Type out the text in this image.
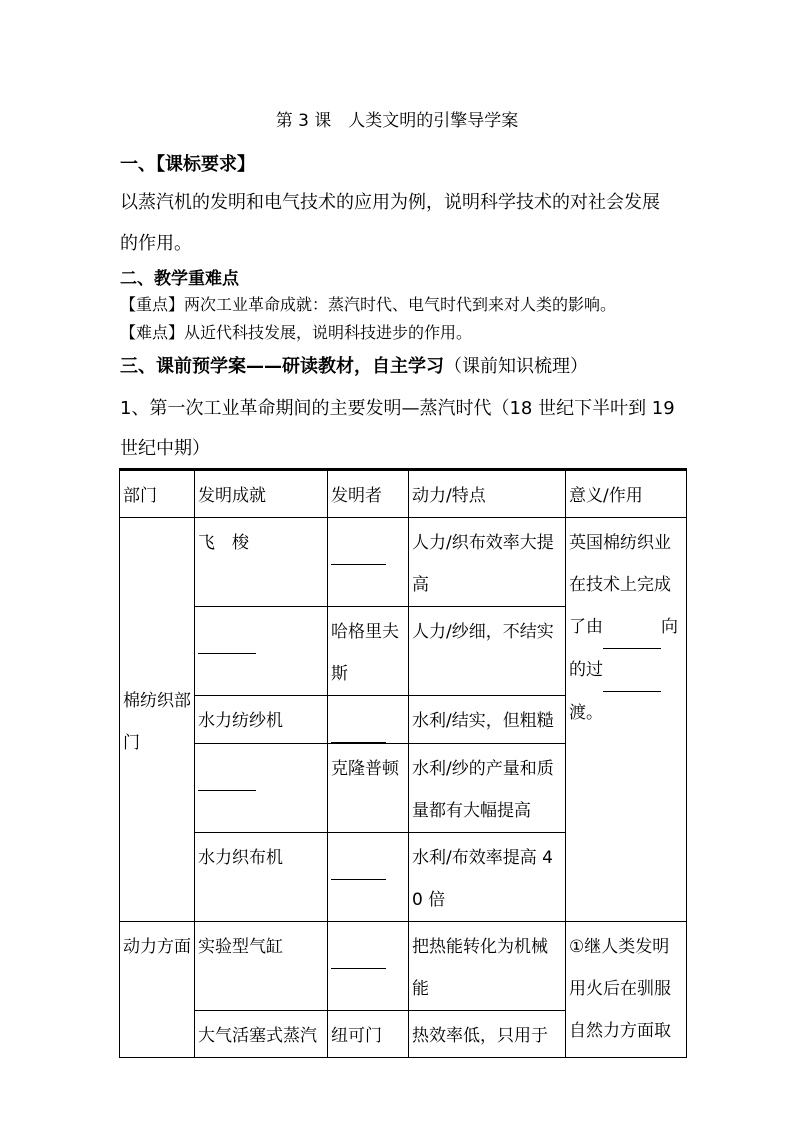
第 3 课　人类文明的引擎导学案
一、【课标要求】
以蒸汽机的发明和电气技术的应用为例，说明科学技术的对社会发展
的作用。
二、教学重难点
【重点】两次工业革命成就：蒸汽时代、电气时代到来对人类的影响。
【难点】从近代科技发展，说明科技进步的作用。
三、课前预学案——研读教材，自主学习（课前知识梳理）
1、第一次工业革命期间的主要发明—蒸汽时代（18 世纪下半叶到 19
世纪中期）
部门	发明成就	发明者	动力/特点	意义/作用
棉纺织部门	飞　梭		人力/织布效率大提高	英国棉纺织业在技术上完成了由 向的过 渡。
		哈格里夫斯	人力/纱细，不结实	
	水力纺纱机		水利/结实，但粗糙	
		克隆普顿	水利/纱的产量和质量都有大幅提高	
	水力织布机		水利/布效率提高 40 倍	
动力方面	实验型气缸		把热能转化为机械能	①继人类发明用火后在驯服自然力方面取
	大气活塞式蒸汽	纽可门	热效率低，只用于	
